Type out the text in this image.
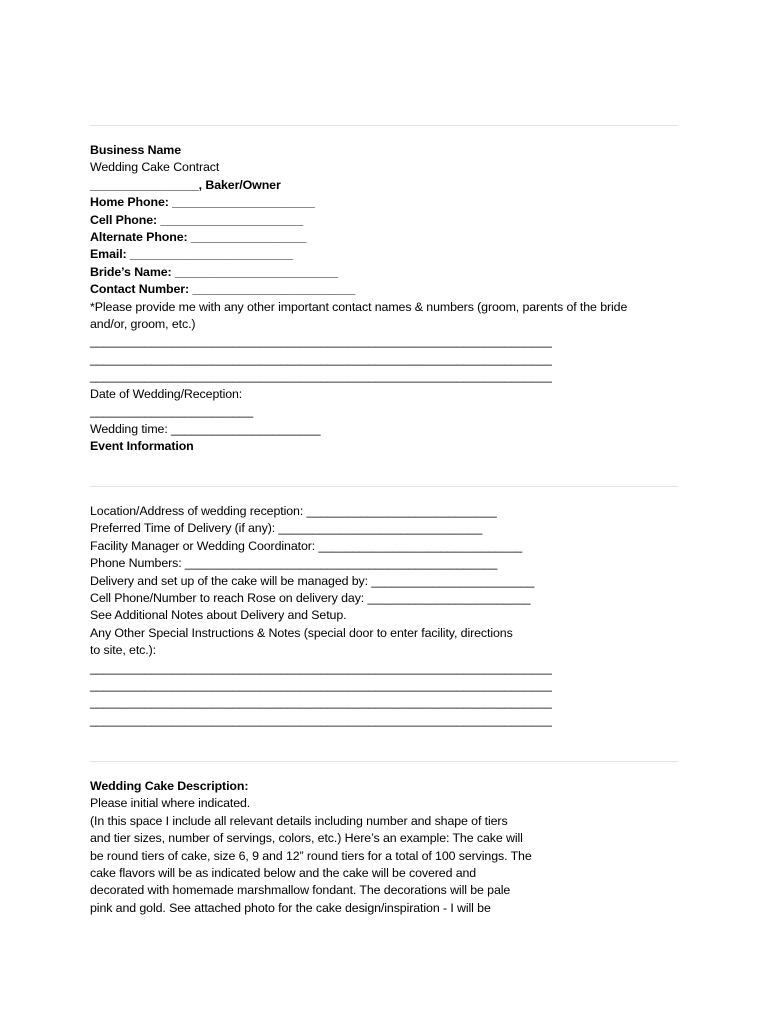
Business Name

Wedding Cake Contract

________________, Baker/Owner

Home Phone: _____________________

Cell Phone: _____________________

Alternate Phone: _________________

Email: ________________________

Bride’s Name: ________________________

Contact Number: ________________________

*Please provide me with any other important contact names & numbers (groom, parents of the bride

and/or, groom, etc.)

____________________________________________________________________

____________________________________________________________________

____________________________________________________________________

Date of Wedding/Reception:

________________________

Wedding time: ______________________

Event Information

Location/Address of wedding reception: ____________________________

Preferred Time of Delivery (if any): ______________________________

Facility Manager or Wedding Coordinator: ______________________________

Phone Numbers: ______________________________________________

Delivery and set up of the cake will be managed by: ________________________

Cell Phone/Number to reach Rose on delivery day: ________________________

See Additional Notes about Delivery and Setup.

Any Other Special Instructions & Notes (special door to enter facility, directions

to site, etc.):

____________________________________________________________________

____________________________________________________________________

____________________________________________________________________

____________________________________________________________________

Wedding Cake Description:

Please initial where indicated.

(In this space I include all relevant details including number and shape of tiers

and tier sizes, number of servings, colors, etc.) Here’s an example: The cake will

be round tiers of cake, size 6, 9 and 12” round tiers for a total of 100 servings. The

cake flavors will be as indicated below and the cake will be covered and

decorated with homemade marshmallow fondant. The decorations will be pale

pink and gold. See attached photo for the cake design/inspiration - I will be
